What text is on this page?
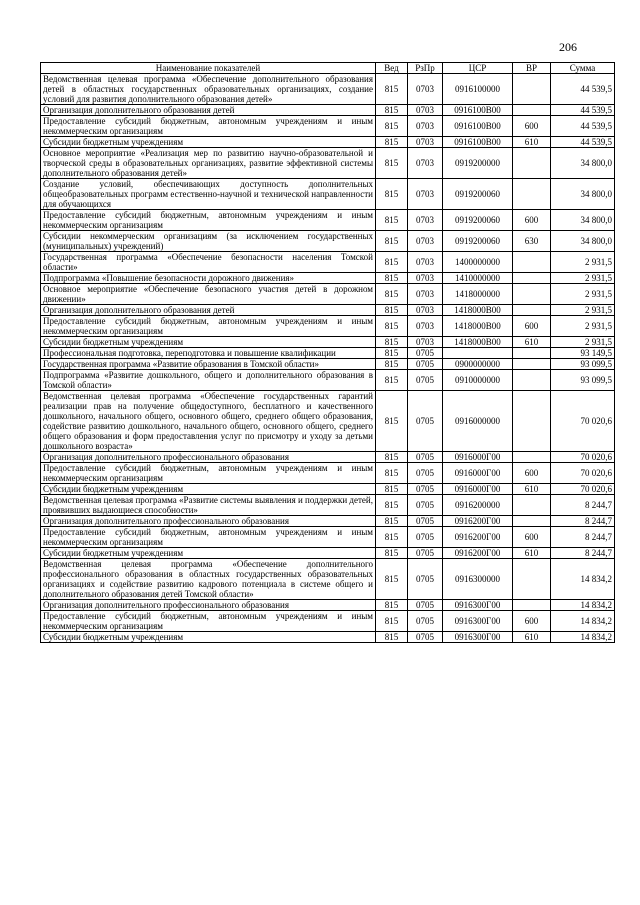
206
Наименование показателей	Вед	РзПр	ЦСР	ВР	Сумма
Ведомственная целевая программа «Обеспечение дополнительного образования детей в областных государственных образовательных организациях, создание условий для развития дополнительного образования детей»	815	0703	0916100000		44 539,5
Организация дополнительного образования детей	815	0703	0916100В00		44 539,5
Предоставление субсидий бюджетным, автономным учреждениям и иным некоммерческим организациям	815	0703	0916100В00	600	44 539,5
Субсидии бюджетным учреждениям	815	0703	0916100В00	610	44 539,5
Основное мероприятие «Реализация мер по развитию научно-образовательной и творческой среды в образовательных организациях, развитие эффективной системы дополнительного образования детей»	815	0703	0919200000		34 800,0
Создание условий, обеспечивающих доступность дополнительных общеобразовательных программ естественно-научной и технической направленности для обучающихся	815	0703	0919200060		34 800,0
Предоставление субсидий бюджетным, автономным учреждениям и иным некоммерческим организациям	815	0703	0919200060	600	34 800,0
Субсидии некоммерческим организациям (за исключением государственных (муниципальных) учреждений)	815	0703	0919200060	630	34 800,0
Государственная программа «Обеспечение безопасности населения Томской области»	815	0703	1400000000		2 931,5
Подпрограмма «Повышение безопасности дорожного движения»	815	0703	1410000000		2 931,5
Основное мероприятие «Обеспечение безопасного участия детей в дорожном движении»	815	0703	1418000000		2 931,5
Организация дополнительного образования детей	815	0703	1418000В00		2 931,5
Предоставление субсидий бюджетным, автономным учреждениям и иным некоммерческим организациям	815	0703	1418000В00	600	2 931,5
Субсидии бюджетным учреждениям	815	0703	1418000В00	610	2 931,5
Профессиональная подготовка, переподготовка и повышение квалификации	815	0705			93 149,5
Государственная программа «Развитие образования в Томской области»	815	0705	0900000000		93 099,5
Подпрограмма «Развитие дошкольного, общего и дополнительного образования в Томской области»	815	0705	0910000000		93 099,5
Ведомственная целевая программа «Обеспечение государственных гарантий реализации прав на получение общедоступного, бесплатного и качественного дошкольного, начального общего, основного общего, среднего общего образования, содействие развитию дошкольного, начального общего, основного общего, среднего общего образования и форм предоставления услуг по присмотру и уходу за детьми дошкольного возраста»	815	0705	0916000000		70 020,6
Организация дополнительного профессионального образования	815	0705	0916000Г00		70 020,6
Предоставление субсидий бюджетным, автономным учреждениям и иным некоммерческим организациям	815	0705	0916000Г00	600	70 020,6
Субсидии бюджетным учреждениям	815	0705	0916000Г00	610	70 020,6
Ведомственная целевая программа «Развитие системы выявления и поддержки детей, проявивших выдающиеся способности»	815	0705	0916200000		8 244,7
Организация дополнительного профессионального образования	815	0705	0916200Г00		8 244,7
Предоставление субсидий бюджетным, автономным учреждениям и иным некоммерческим организациям	815	0705	0916200Г00	600	8 244,7
Субсидии бюджетным учреждениям	815	0705	0916200Г00	610	8 244,7
Ведомственная целевая программа «Обеспечение дополнительного профессионального образования в областных государственных образовательных организациях и содействие развитию кадрового потенциала в системе общего и дополнительного образования детей Томской области»	815	0705	0916300000		14 834,2
Организация дополнительного профессионального образования	815	0705	0916300Г00		14 834,2
Предоставление субсидий бюджетным, автономным учреждениям и иным некоммерческим организациям	815	0705	0916300Г00	600	14 834,2
Субсидии бюджетным учреждениям	815	0705	0916300Г00	610	14 834,2
